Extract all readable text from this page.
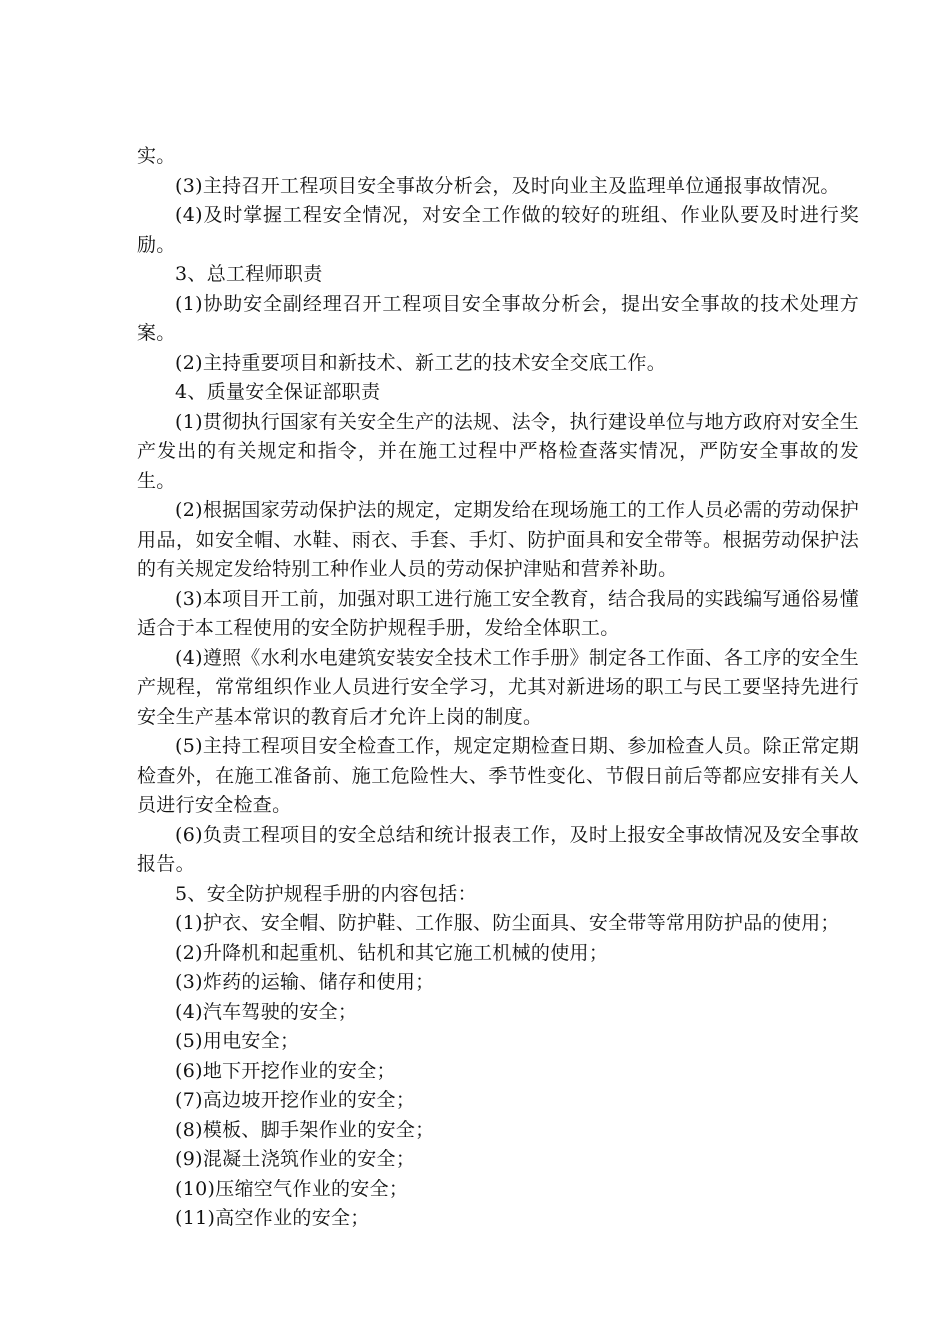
实。

(3)主持召开工程项目安全事故分析会，及时向业主及监理单位通报事故情况。

(4)及时掌握工程安全情况，对安全工作做的较好的班组、作业队要及时进行奖励。

3、总工程师职责

(1)协助安全副经理召开工程项目安全事故分析会，提出安全事故的技术处理方案。

(2)主持重要项目和新技术、新工艺的技术安全交底工作。

4、质量安全保证部职责

(1)贯彻执行国家有关安全生产的法规、法令，执行建设单位与地方政府对安全生产发出的有关规定和指令，并在施工过程中严格检查落实情况，严防安全事故的发生。

(2)根据国家劳动保护法的规定，定期发给在现场施工的工作人员必需的劳动保护用品，如安全帽、水鞋、雨衣、手套、手灯、防护面具和安全带等。根据劳动保护法的有关规定发给特别工种作业人员的劳动保护津贴和营养补助。

(3)本项目开工前，加强对职工进行施工安全教育，结合我局的实践编写通俗易懂适合于本工程使用的安全防护规程手册，发给全体职工。

(4)遵照《水利水电建筑安装安全技术工作手册》制定各工作面、各工序的安全生产规程，常常组织作业人员进行安全学习，尤其对新进场的职工与民工要坚持先进行安全生产基本常识的教育后才允许上岗的制度。

(5)主持工程项目安全检查工作，规定定期检查日期、参加检查人员。除正常定期检查外，在施工准备前、施工危险性大、季节性变化、节假日前后等都应安排有关人员进行安全检查。

(6)负责工程项目的安全总结和统计报表工作，及时上报安全事故情况及安全事故报告。

5、安全防护规程手册的内容包括：

(1)护衣、安全帽、防护鞋、工作服、防尘面具、安全带等常用防护品的使用；

(2)升降机和起重机、钻机和其它施工机械的使用；

(3)炸药的运输、储存和使用；

(4)汽车驾驶的安全；

(5)用电安全；

(6)地下开挖作业的安全；

(7)高边坡开挖作业的安全；

(8)模板、脚手架作业的安全；

(9)混凝土浇筑作业的安全；

(10)压缩空气作业的安全；

(11)高空作业的安全；
